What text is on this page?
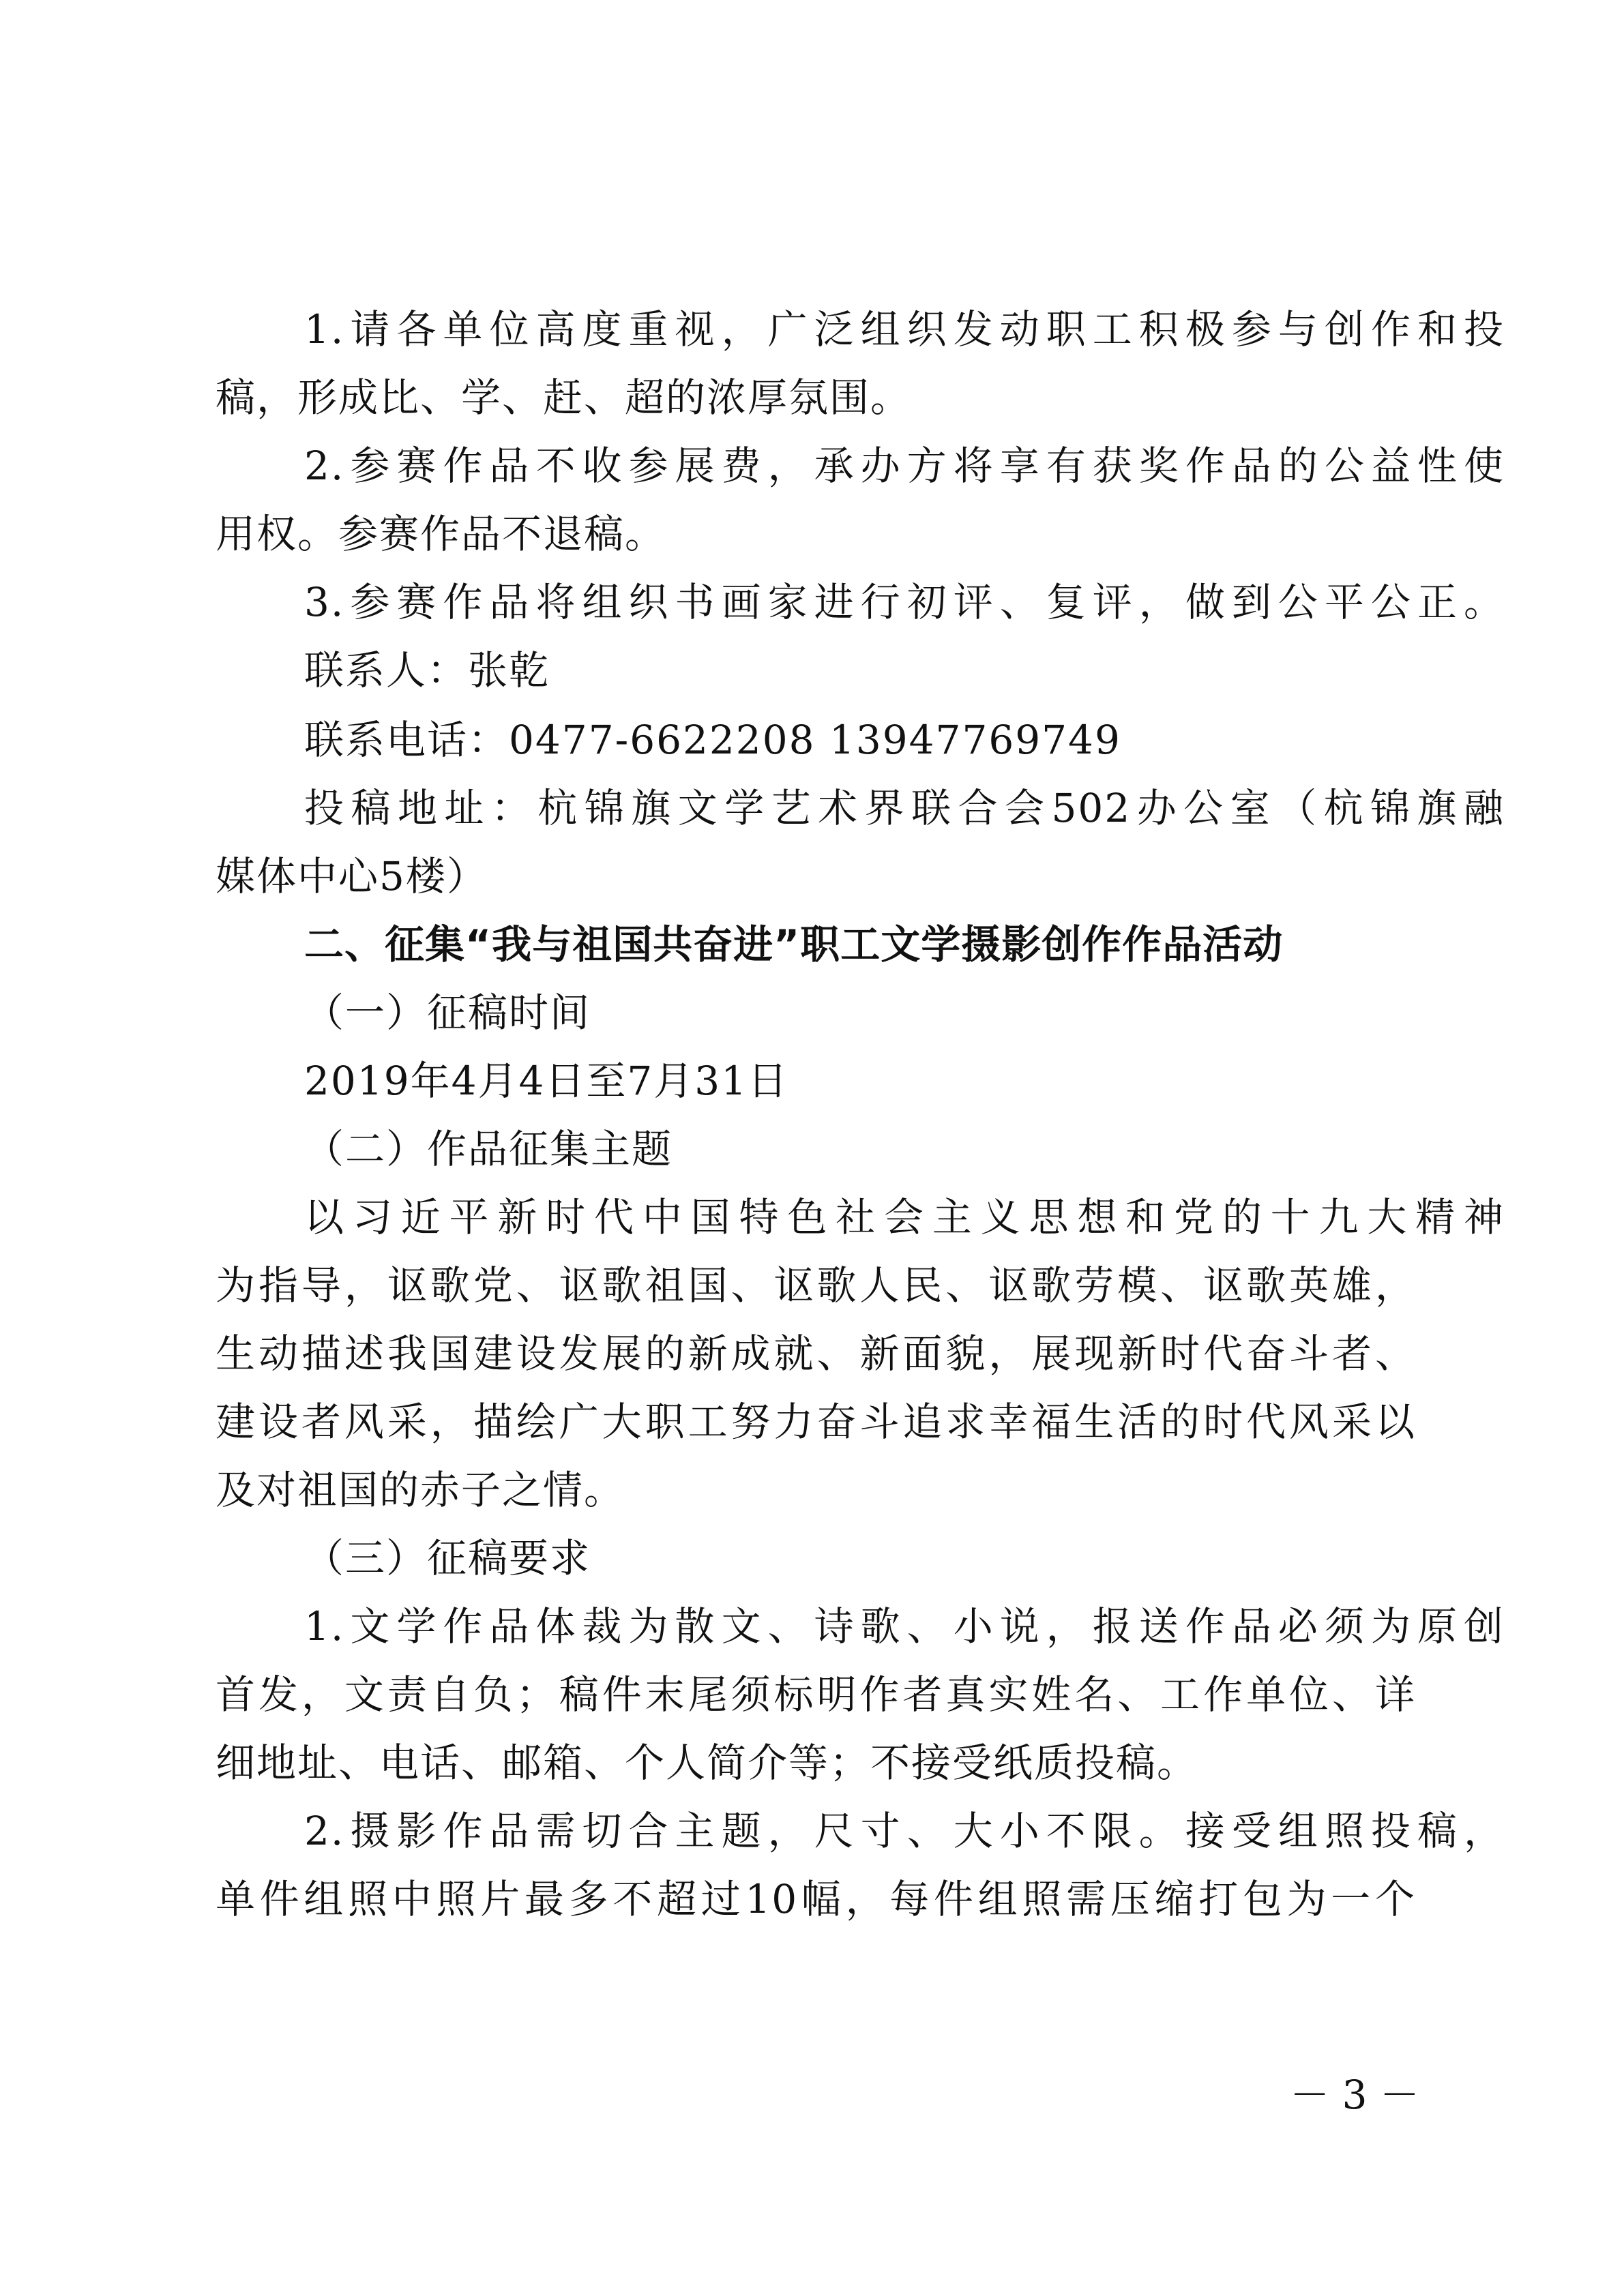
1.请各单位高度重视，广泛组织发动职工积极参与创作和投
稿，形成比、学、赶、超的浓厚氛围。
2.参赛作品不收参展费，承办方将享有获奖作品的公益性使
用权。参赛作品不退稿。
3.参赛作品将组织书画家进行初评、复评，做到公平公正。
联系人：张乾
联系电话：0477-6622208 13947769749
投稿地址：杭锦旗文学艺术界联合会502办公室（杭锦旗融
媒体中心5楼）
二、征集“我与祖国共奋进”职工文学摄影创作作品活动
（一）征稿时间
2019年4月4日至7月31日
（二）作品征集主题
以习近平新时代中国特色社会主义思想和党的十九大精神
为指导，讴歌党、讴歌祖国、讴歌人民、讴歌劳模、讴歌英雄，
生动描述我国建设发展的新成就、新面貌，展现新时代奋斗者、
建设者风采，描绘广大职工努力奋斗追求幸福生活的时代风采以
及对祖国的赤子之情。
（三）征稿要求
1.文学作品体裁为散文、诗歌、小说，报送作品必须为原创
首发，文责自负；稿件末尾须标明作者真实姓名、工作单位、详
细地址、电话、邮箱、个人简介等；不接受纸质投稿。
2.摄影作品需切合主题，尺寸、大小不限。接受组照投稿，
单件组照中照片最多不超过10幅，每件组照需压缩打包为一个
－ 3 －
